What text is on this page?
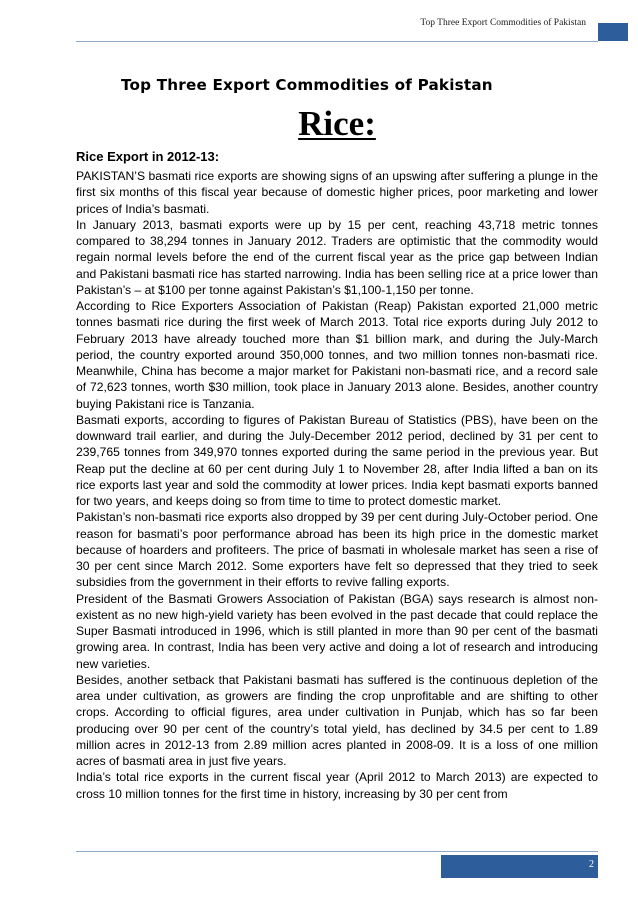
Top Three Export Commodities of Pakistan
Top Three Export Commodities of Pakistan
Rice:
Rice Export in 2012-13:

PAKISTAN’S basmati rice exports are showing signs of an upswing after suffering a plunge in the first six months of this fiscal year because of domestic higher prices, poor marketing and lower prices of India’s basmati.

In January 2013, basmati exports were up by 15 per cent, reaching 43,718 metric tonnes compared to 38,294 tonnes in January 2012. Traders are optimistic that the commodity would regain normal levels before the end of the current fiscal year as the price gap between Indian and Pakistani basmati rice has started narrowing. India has been selling rice at a price lower than Pakistan’s – at $100 per tonne against Pakistan’s $1,100-1,150 per tonne.

According to Rice Exporters Association of Pakistan (Reap) Pakistan exported 21,000 metric tonnes basmati rice during the first week of March 2013. Total rice exports during July 2012 to February 2013 have already touched more than $1 billion mark, and during the July-March period, the country exported around 350,000 tonnes, and two million tonnes non-basmati rice. Meanwhile, China has become a major market for Pakistani non-basmati rice, and a record sale of 72,623 tonnes, worth $30 million, took place in January 2013 alone. Besides, another country buying Pakistani rice is Tanzania.

Basmati exports, according to figures of Pakistan Bureau of Statistics (PBS), have been on the downward trail earlier, and during the July-December 2012 period, declined by 31 per cent to 239,765 tonnes from 349,970 tonnes exported during the same period in the previous year. But Reap put the decline at 60 per cent during July 1 to November 28, after India lifted a ban on its rice exports last year and sold the commodity at lower prices. India kept basmati exports banned for two years, and keeps doing so from time to time to protect domestic market.

Pakistan’s non-basmati rice exports also dropped by 39 per cent during July-October period. One reason for basmati’s poor performance abroad has been its high price in the domestic market because of hoarders and profiteers. The price of basmati in wholesale market has seen a rise of 30 per cent since March 2012. Some exporters have felt so depressed that they tried to seek subsidies from the government in their efforts to revive falling exports.

President of the Basmati Growers Association of Pakistan (BGA) says research is almost non-existent as no new high-yield variety has been evolved in the past decade that could replace the Super Basmati introduced in 1996, which is still planted in more than 90 per cent of the basmati growing area. In contrast, India has been very active and doing a lot of research and introducing new varieties.

Besides, another setback that Pakistani basmati has suffered is the continuous depletion of the area under cultivation, as growers are finding the crop unprofitable and are shifting to other crops. According to official figures, area under cultivation in Punjab, which has so far been producing over 90 per cent of the country’s total yield, has declined by 34.5 per cent to 1.89 million acres in 2012-13 from 2.89 million acres planted in 2008-09. It is a loss of one million acres of basmati area in just five years.

India’s total rice exports in the current fiscal year (April 2012 to March 2013) are expected to cross 10 million tonnes for the first time in history, increasing by 30 per cent from

2
